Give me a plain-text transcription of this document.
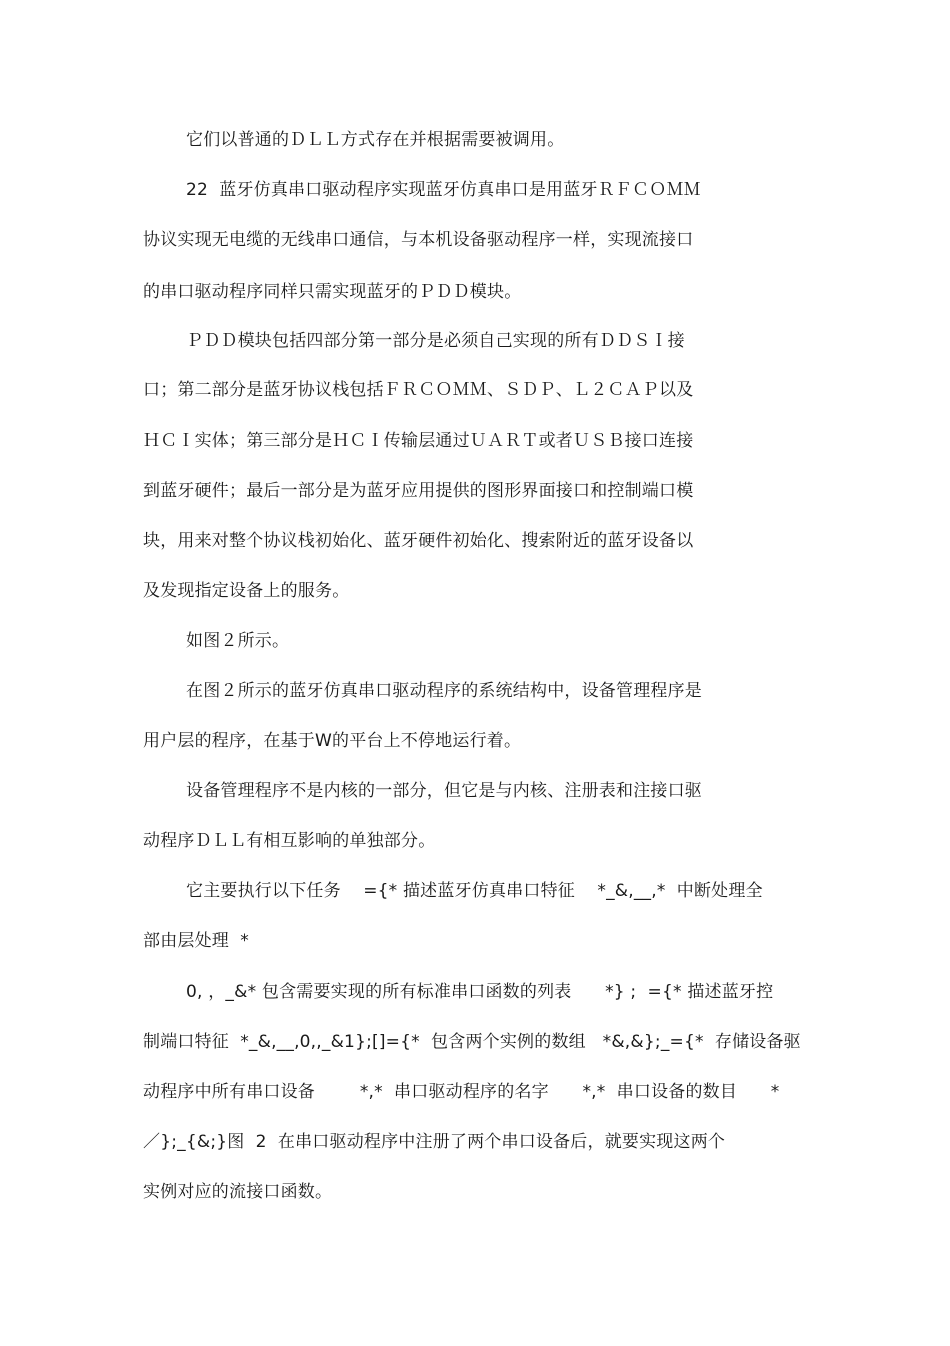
它们以普通的ＤＬＬ方式存在并根据需要被调用。
22  蓝牙仿真串口驱动程序实现蓝牙仿真串口是用蓝牙ＲＦＣＯＭＭ
协议实现无电缆的无线串口通信，与本机设备驱动程序一样，实现流接口
的串口驱动程序同样只需实现蓝牙的ＰＤＤ模块。
ＰＤＤ模块包括四部分第一部分是必须自己实现的所有ＤＤＳＩ接
口；第二部分是蓝牙协议栈包括ＦＲＣＯＭＭ、ＳＤＰ、Ｌ２ＣＡＰ以及
ＨＣＩ实体；第三部分是ＨＣＩ传输层通过ＵＡＲＴ或者ＵＳＢ接口连接
到蓝牙硬件；最后一部分是为蓝牙应用提供的图形界面接口和控制端口模
块，用来对整个协议栈初始化、蓝牙硬件初始化、搜索附近的蓝牙设备以
及发现指定设备上的服务。
如图２所示。
在图２所示的蓝牙仿真串口驱动程序的系统结构中，设备管理程序是
用户层的程序，在基于W的平台上不停地运行着。
设备管理程序不是内核的一部分，但它是与内核、注册表和注接口驱
动程序ＤＬＬ有相互影响的单独部分。
它主要执行以下任务    ={* 描述蓝牙仿真串口特征    *_&,__,*  中断处理全
部由层处理  *
0, ，_&* 包含需要实现的所有标准串口函数的列表      *} ;  ={* 描述蓝牙控
制端口特征  *_&,__,0,,_&1};[]={*  包含两个实例的数组   *&,&};_={*  存储设备驱
动程序中所有串口设备        *,*  串口驱动程序的名字      *,*  串口设备的数目      *
／};_{&;}图  2  在串口驱动程序中注册了两个串口设备后，就要实现这两个
实例对应的流接口函数。
